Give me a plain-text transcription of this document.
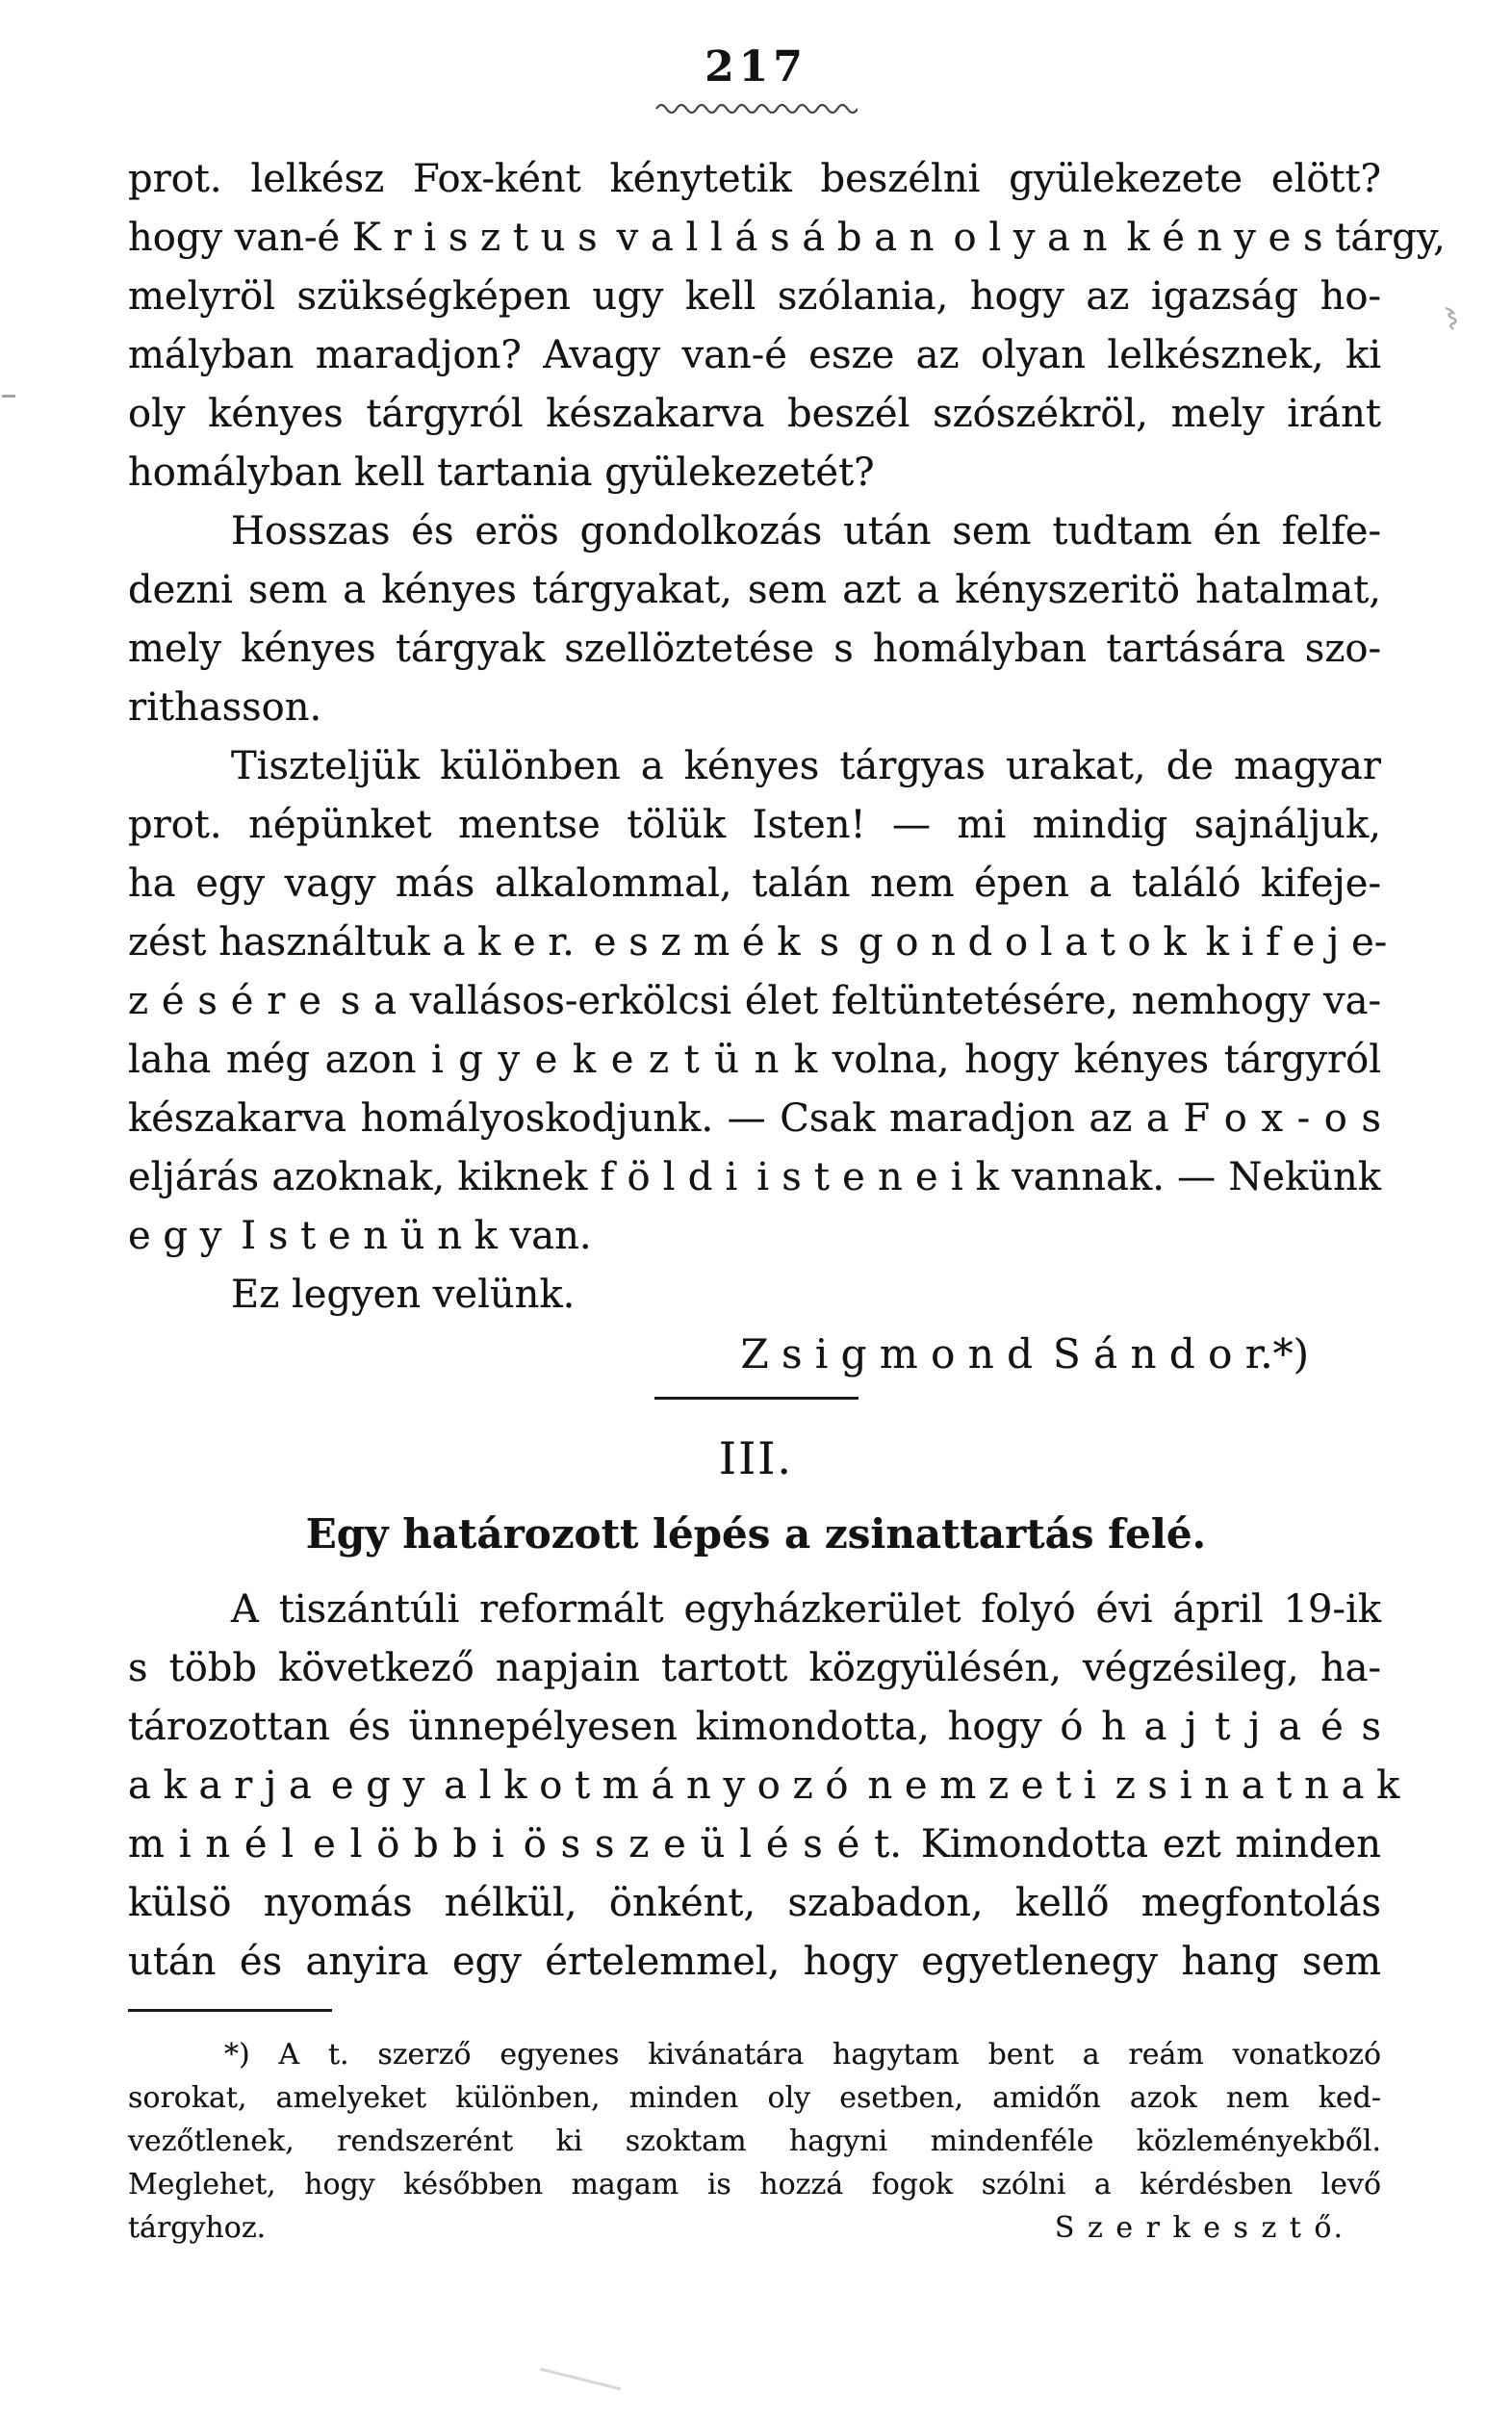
217
prot. lelkész Fox-ként kénytetik beszélni gyülekezete elött?
hogy van-é K r i s z t u s v a l l á s á b a n o l y a n k é n y e s tárgy,
melyröl szükségképen ugy kell szólania, hogy az igazság ho-
mályban maradjon? Avagy van-é esze az olyan lelkésznek, ki
oly kényes tárgyról készakarva beszél szószékröl, mely iránt
homályban kell tartania gyülekezetét?
Hosszas és erös gondolkozás után sem tudtam én felfe-
dezni sem a kényes tárgyakat, sem azt a kényszeritö hatalmat,
mely kényes tárgyak szellöztetése s homályban tartására szo-
rithasson.
Tiszteljük különben a kényes tárgyas urakat, de magyar
prot. népünket mentse tölük Isten! — mi mindig sajnáljuk,
ha egy vagy más alkalommal, talán nem épen a találó kifeje-
zést használtuk a k e r. e s z m é k s g o n d o l a t o k k i f e j e-
z é s é r e s a vallásos-erkölcsi élet feltüntetésére, nemhogy va-
laha még azon i g y e k e z t ü n k volna, hogy kényes tárgyról
készakarva homályoskodjunk. — Csak maradjon az a F o x - o s
eljárás azoknak, kiknek f ö l d i i s t e n e i k vannak. — Nekünk
e g y I s t e n ü n k van.
Ez legyen velünk.
Z s i g m o n d S á n d o r.*)
III.
Egy határozott lépés a zsinattartás felé.
A tiszántúli reformált egyházkerület folyó évi ápril 19-ik
s több következő napjain tartott közgyülésén, végzésileg, ha-
tározottan és ünnepélyesen kimondotta, hogy ó h a j t j a é s
a k a r j a e g y a l k o t m á n y o z ó n e m z e t i z s i n a t n a k
m i n é l e l ö b b i ö s s z e ü l é s é t. Kimondotta ezt minden
külsö nyomás nélkül, önként, szabadon, kellő megfontolás
után és anyira egy értelemmel, hogy egyetlenegy hang sem
*) A t. szerző egyenes kivánatára hagytam bent a reám vonatkozó
sorokat, amelyeket különben, minden oly esetben, amidőn azok nem ked-
vezőtlenek, rendszerént ki szoktam hagyni mindenféle közleményekből.
Meglehet, hogy későbben magam is hozzá fogok szólni a kérdésben levő
tárgyhoz.	S z e r k e s z t ő.
